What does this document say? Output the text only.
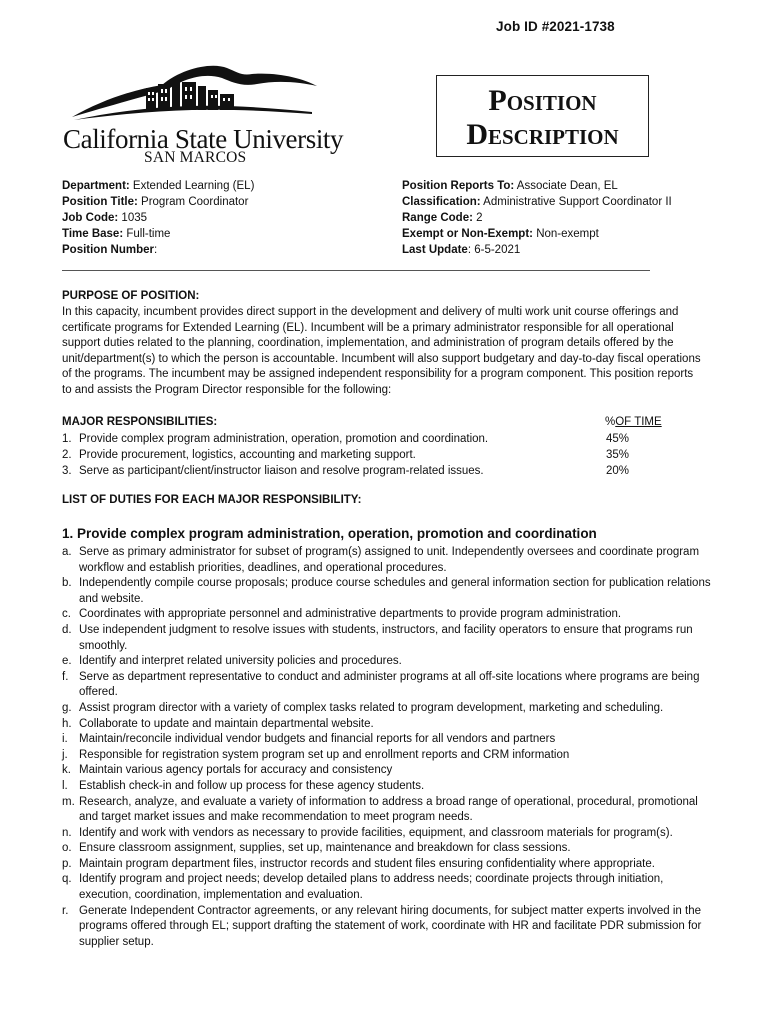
Job ID #2021-1738
California State University
SAN MARCOS
Position
Description
Department: Extended Learning (EL)
Position Title: Program Coordinator
Job Code: 1035
Time Base: Full-time
Position Number:
Position Reports To: Associate Dean, EL
Classification: Administrative Support Coordinator II
Range Code: 2
Exempt or Non-Exempt: Non-exempt
Last Update: 6-5-2021
PURPOSE OF POSITION:
In this capacity, incumbent provides direct support in the development and delivery of multi work unit course offerings and certificate programs for Extended Learning (EL). Incumbent will be a primary administrator responsible for all operational support duties related to the planning, coordination, implementation, and administration of program details offered by the unit/department(s) to which the person is accountable. Incumbent will also support budgetary and day-to-day fiscal operations of the programs. The incumbent may be assigned independent responsibility for a program component. This position reports to and assists the Program Director responsible for the following:
MAJOR RESPONSIBILITIES:	%OF TIME
1. Provide complex program administration, operation, promotion and coordination.
2. Provide procurement, logistics, accounting and marketing support.
3. Serve as participant/client/instructor liaison and resolve program-related issues.
45%
35%
20%
LIST OF DUTIES FOR EACH MAJOR RESPONSIBILITY:
1. Provide complex program administration, operation, promotion and coordination
a. Serve as primary administrator for subset of program(s) assigned to unit. Independently oversees and coordinate program workflow and establish priorities, deadlines, and operational procedures.
b. Independently compile course proposals; produce course schedules and general information section for publication relations and website.
c. Coordinates with appropriate personnel and administrative departments to provide program administration.
d. Use independent judgment to resolve issues with students, instructors, and facility operators to ensure that programs run smoothly.
e. Identify and interpret related university policies and procedures.
f. Serve as department representative to conduct and administer programs at all off-site locations where programs are being offered.
g. Assist program director with a variety of complex tasks related to program development, marketing and scheduling.
h. Collaborate to update and maintain departmental website.
i. Maintain/reconcile individual vendor budgets and financial reports for all vendors and partners
j. Responsible for registration system program set up and enrollment reports and CRM information
k. Maintain various agency portals for accuracy and consistency
l. Establish check-in and follow up process for these agency students.
m. Research, analyze, and evaluate a variety of information to address a broad range of operational, procedural, promotional and target market issues and make recommendation to meet program needs.
n. Identify and work with vendors as necessary to provide facilities, equipment, and classroom materials for program(s).
o. Ensure classroom assignment, supplies, set up, maintenance and breakdown for class sessions.
p. Maintain program department files, instructor records and student files ensuring confidentiality where appropriate.
q. Identify program and project needs; develop detailed plans to address needs; coordinate projects through initiation, execution, coordination, implementation and evaluation.
r. Generate Independent Contractor agreements, or any relevant hiring documents, for subject matter experts involved in the programs offered through EL; support drafting the statement of work, coordinate with HR and facilitate PDR submission for supplier setup.
